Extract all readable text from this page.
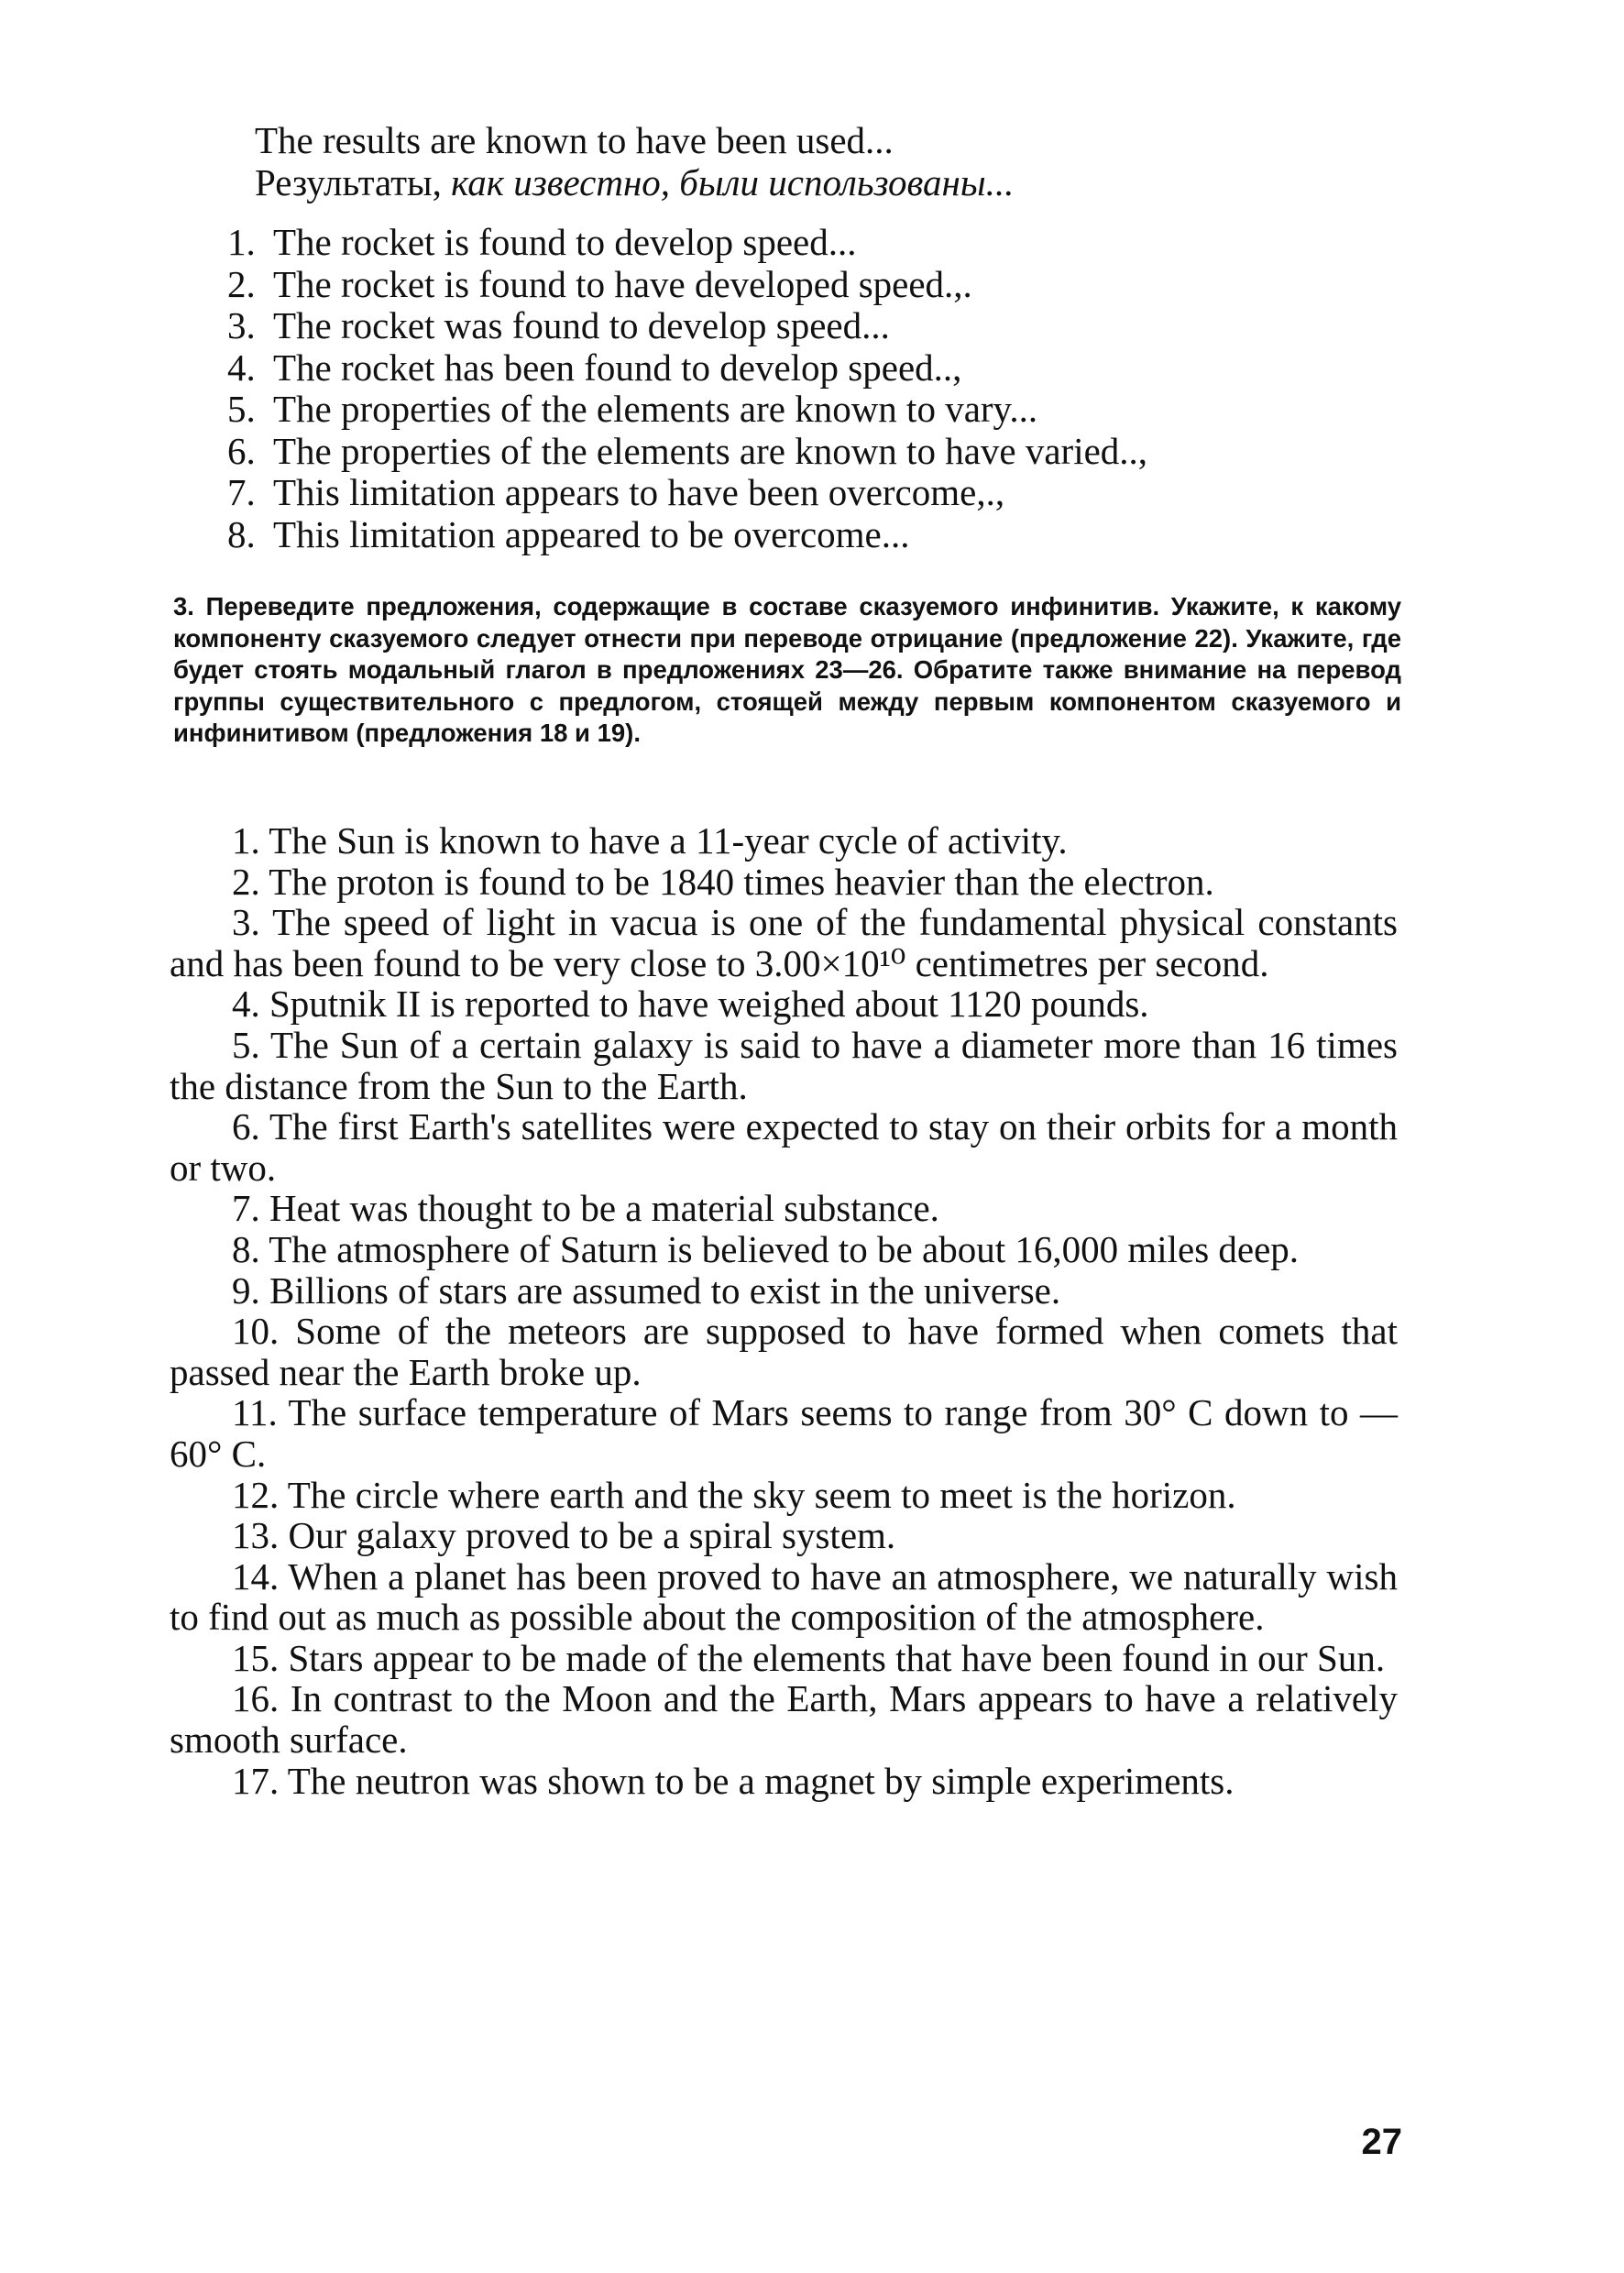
The results are known to have been used...
Результаты, как известно, были использованы...
1. The rocket is found to develop speed...
2. The rocket is found to have developed speed.,.
3. The rocket was found to develop speed...
4. The rocket has been found to develop speed..,
5. The properties of the elements are known to vary...
6. The properties of the elements are known to have varied..,
7. This limitation appears to have been overcome,.,
8. This limitation appeared to be overcome...
3. Переведите предложения, содержащие в составе сказуемого инфинитив. Укажите, к какому компоненту сказуемого следует отнести при переводе отрицание (предложение 22). Укажите, где будет стоять модальный глагол в предложениях 23—26. Обратите также внимание на перевод группы существительного с предлогом, стоящей между первым компонентом сказуемого и инфинитивом (предложения 18 и 19).
1. The Sun is known to have a 11-year cycle of activity.
2. The proton is found to be 1840 times heavier than the electron.
3. The speed of light in vacua is one of the fundamental physical constants and has been found to be very close to 3.00×10¹⁰ centimetres per second.
4. Sputnik II is reported to have weighed about 1120 pounds.
5. The Sun of a certain galaxy is said to have a diameter more than 16 times the distance from the Sun to the Earth.
6. The first Earth's satellites were expected to stay on their orbits for a month or two.
7. Heat was thought to be a material substance.
8. The atmosphere of Saturn is believed to be about 16,000 miles deep.
9. Billions of stars are assumed to exist in the universe.
10. Some of the meteors are supposed to have formed when comets that passed near the Earth broke up.
11. The surface temperature of Mars seems to range from 30° C down to —60° C.
12. The circle where earth and the sky seem to meet is the horizon.
13. Our galaxy proved to be a spiral system.
14. When a planet has been proved to have an atmosphere, we naturally wish to find out as much as possible about the composition of the atmosphere.
15. Stars appear to be made of the elements that have been found in our Sun.
16. In contrast to the Moon and the Earth, Mars appears to have a relatively smooth surface.
17. The neutron was shown to be a magnet by simple experiments.
27
